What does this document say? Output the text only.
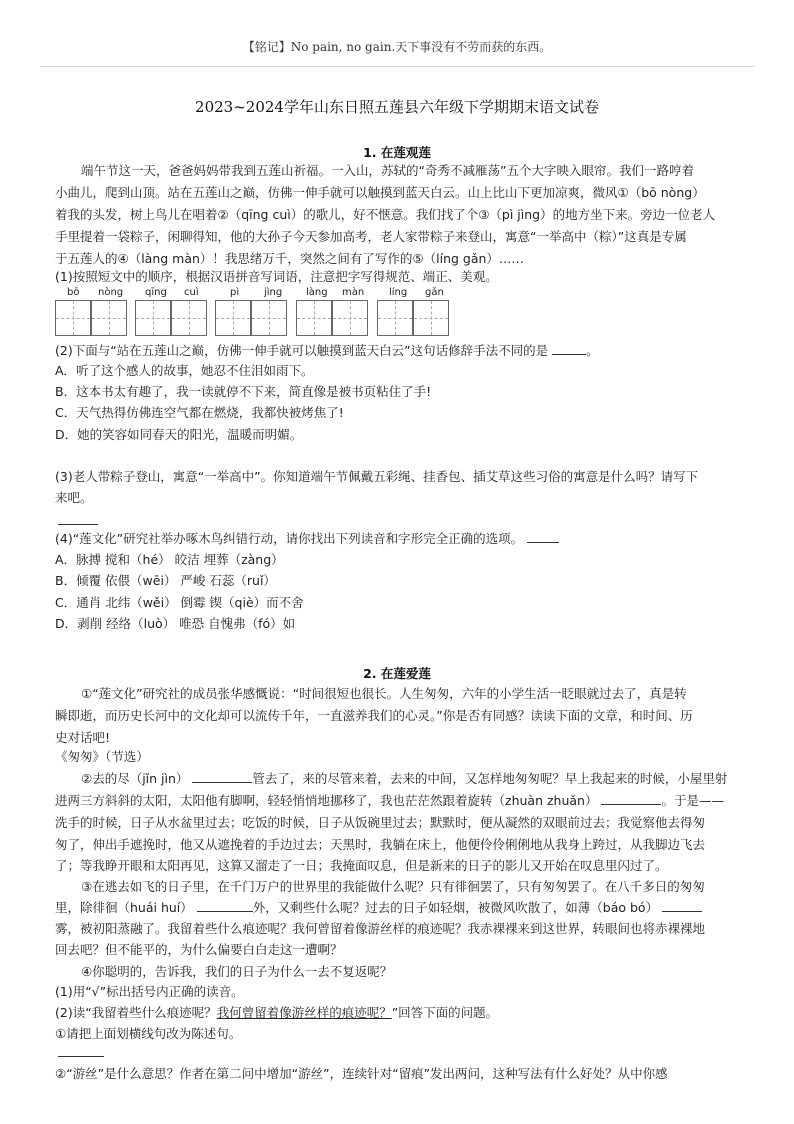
【铭记】No pain, no gain.天下事没有不劳而获的东西。
2023~2024学年山东日照五莲县六年级下学期期末语文试卷
1. 在莲观莲
端午节这一天，爸爸妈妈带我到五莲山祈福。一入山，苏轼的“奇秀不减雁荡”五个大字映入眼帘。我们一路哼着
小曲儿，爬到山顶。站在五莲山之巅，仿佛一伸手就可以触摸到蓝天白云。山上比山下更加凉爽，微风①（bō nòng）
着我的头发，树上鸟儿在唱着②（qīng cuì）的歌儿，好不惬意。我们找了个③（pì jìng）的地方坐下来。旁边一位老人
手里提着一袋粽子，闲聊得知，他的大孙子今天参加高考，老人家带粽子来登山，寓意“一举高中（粽）”这真是专属
于五莲人的④（làng màn）！我思绪万千，突然之间有了写作的⑤（líng gǎn）……
(1)按照短文中的顺序，根据汉语拼音写词语，注意把字写得规范、端正、美观。
bō nòng qīng cuì	pì jìng làng màn líng gǎn
(2)下面与“站在五莲山之巅，仿佛一伸手就可以触摸到蓝天白云”这句话修辞手法不同的是	。
A．听了这个感人的故事，她忍不住泪如雨下。
B．这本书太有趣了，我一读就停不下来，简直像是被书页粘住了手!
C．天气热得仿佛连空气都在燃烧，我都快被烤焦了!
D．她的笑容如同春天的阳光，温暖而明媚。
(3)老人带粽子登山，寓意“一举高中”。你知道端午节佩戴五彩绳、挂香包、插艾草这些习俗的寓意是什么吗？请写下
来吧。
(4)“莲文化”研究社举办啄木鸟纠错行动，请你找出下列读音和字形完全正确的选项。
A．脉搏 搅和（hé） 皎洁 埋葬（zàng）
B．倾覆 依偎（wēi） 严峻 石蕊（ruǐ）
C．通肖 北纬（wěi） 倒霉 锲（qiè）而不舍
D．剥削 经络（luò） 唯恐 自愧弗（fó）如
2. 在莲爱莲
①“莲文化”研究社的成员张华感慨说：“时间很短也很长。人生匆匆，六年的小学生活一眨眼就过去了，真是转
瞬即逝，而历史长河中的文化却可以流传千年，一直滋养我们的心灵。”你是否有同感？读读下面的文章，和时间、历
史对话吧!
《匆匆》（节选）
②去的尽（jǐn jìn）	管去了，来的尽管来着，去来的中间，又怎样地匆匆呢？早上我起来的时候，小屋里射
进两三方斜斜的太阳，太阳他有脚啊，轻轻悄悄地挪移了，我也茫茫然跟着旋转（zhuàn zhuǎn）	。于是——
洗手的时候，日子从水盆里过去；吃饭的时候，日子从饭碗里过去；默默时，便从凝然的双眼前过去；我觉察他去得匆
匆了，伸出手遮挽时，他又从遮挽着的手边过去；天黑时，我躺在床上，他便伶伶俐俐地从我身上跨过，从我脚边飞去
了；等我睁开眼和太阳再见，这算又溜走了一日；我掩面叹息，但是新来的日子的影儿又开始在叹息里闪过了。
③在逃去如飞的日子里，在千门万户的世界里的我能做什么呢？只有徘徊罢了，只有匆匆罢了。在八千多日的匆匆
里，除徘徊（huái huí）	外，又剩些什么呢？过去的日子如轻烟，被微风吹散了，如薄（báo bó）
雾，被初阳蒸融了。我留着些什么痕迹呢？我何曾留着像游丝样的痕迹呢？我赤裸裸来到这世界，转眼间也将赤裸裸地
回去吧？但不能平的，为什么偏要白白走这一遭啊？
④你聪明的，告诉我，我们的日子为什么一去不复返呢？
(1)用“√”标出括号内正确的读音。
(2)读“我留着些什么痕迹呢？我何曾留着像游丝样的痕迹呢？”回答下面的问题。
①请把上面划横线句改为陈述句。
②“游丝”是什么意思？作者在第二问中增加“游丝”，连续针对“留痕”发出两问，这种写法有什么好处？从中你感
